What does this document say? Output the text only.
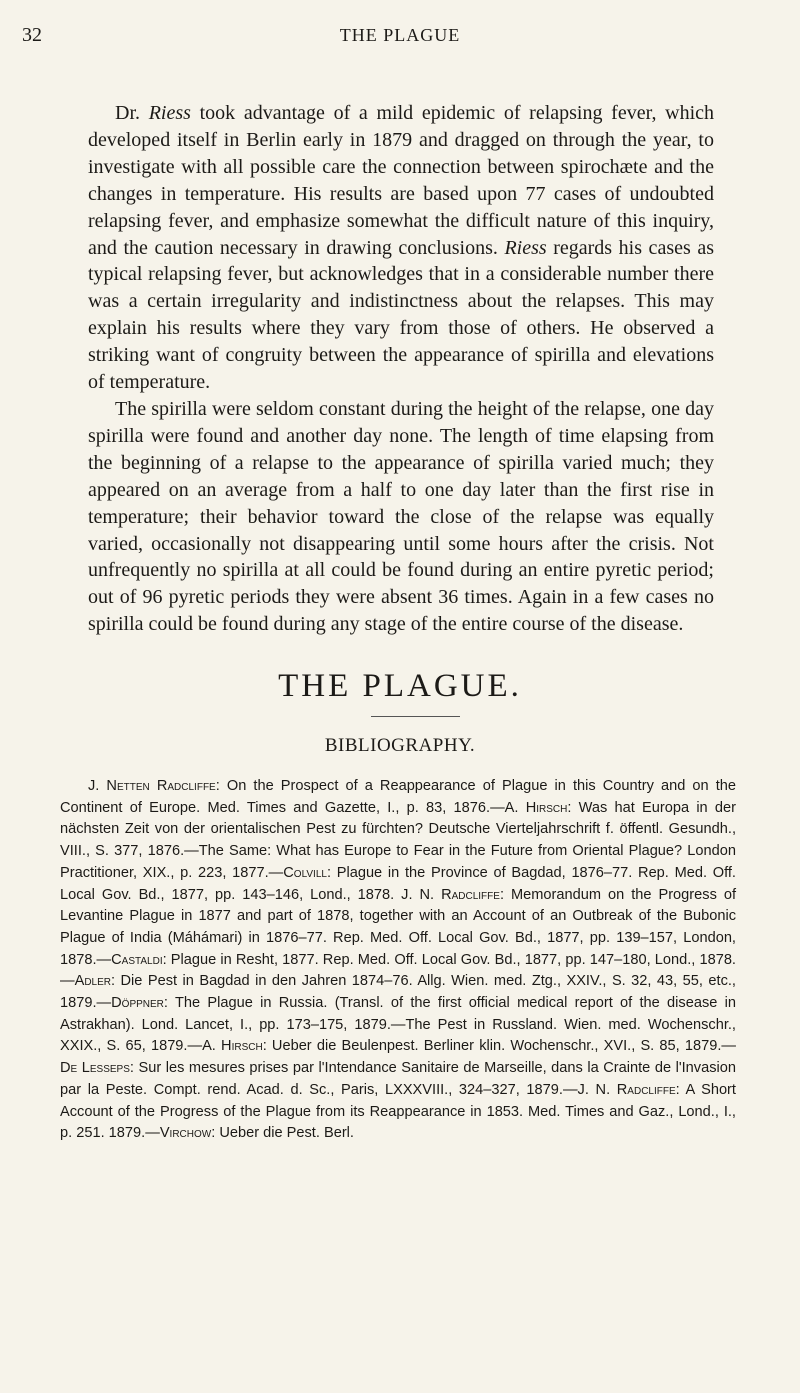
32	THE PLAGUE

Dr. Riess took advantage of a mild epidemic of relapsing fever, which developed itself in Berlin early in 1879 and dragged on through the year, to investigate with all possible care the connection between spirochæte and the changes in temperature. His results are based upon 77 cases of undoubted relapsing fever, and emphasize somewhat the difficult nature of this inquiry, and the caution necessary in drawing conclusions. Riess regards his cases as typical relapsing fever, but acknowledges that in a considerable number there was a certain irregularity and indistinctness about the relapses. This may explain his results where they vary from those of others. He observed a striking want of congruity between the appearance of spirilla and elevations of temperature.

The spirilla were seldom constant during the height of the relapse, one day spirilla were found and another day none. The length of time elapsing from the beginning of a relapse to the appearance of spirilla varied much; they appeared on an average from a half to one day later than the first rise in temperature; their behavior toward the close of the relapse was equally varied, occasionally not disappearing until some hours after the crisis. Not unfrequently no spirilla at all could be found during an entire pyretic period; out of 96 pyretic periods they were absent 36 times. Again in a few cases no spirilla could be found during any stage of the entire course of the disease.

THE PLAGUE.
BIBLIOGRAPHY.
J. Netten Radcliffe: On the Prospect of a Reappearance of Plague in this Country and on the Continent of Europe. Med. Times and Gazette, I., p. 83, 1876.—A. Hirsch: Was hat Europa in der nächsten Zeit von der orientalischen Pest zu fürchten? Deutsche Vierteljahrschrift f. öffentl. Gesundh., VIII., S. 377, 1876.—The Same: What has Europe to Fear in the Future from Oriental Plague? London Practitioner, XIX., p. 223, 1877.—Colvill: Plague in the Province of Bagdad, 1876–77. Rep. Med. Off. Local Gov. Bd., 1877, pp. 143–146, Lond., 1878. J. N. Radcliffe: Memorandum on the Progress of Levantine Plague in 1877 and part of 1878, together with an Account of an Outbreak of the Bubonic Plague of India (Máhámari) in 1876–77. Rep. Med. Off. Local Gov. Bd., 1877, pp. 139–157, London, 1878.—Castaldi: Plague in Resht, 1877. Rep. Med. Off. Local Gov. Bd., 1877, pp. 147–180, Lond., 1878.—Adler: Die Pest in Bagdad in den Jahren 1874–76. Allg. Wien. med. Ztg., XXIV., S. 32, 43, 55, etc., 1879.—Döppner: The Plague in Russia. (Transl. of the first official medical report of the disease in Astrakhan). Lond. Lancet, I., pp. 173–175, 1879.—The Pest in Russland. Wien. med. Wochenschr., XXIX., S. 65, 1879.—A. Hirsch: Ueber die Beulenpest. Berliner klin. Wochenschr., XVI., S. 85, 1879.—De Lesseps: Sur les mesures prises par l'Intendance Sanitaire de Marseille, dans la Crainte de l'Invasion par la Peste. Compt. rend. Acad. d. Sc., Paris, LXXXVIII., 324–327, 1879.—J. N. Radcliffe: A Short Account of the Progress of the Plague from its Reappearance in 1853. Med. Times and Gaz., Lond., I., p. 251. 1879.—Virchow: Ueber die Pest. Berl.
